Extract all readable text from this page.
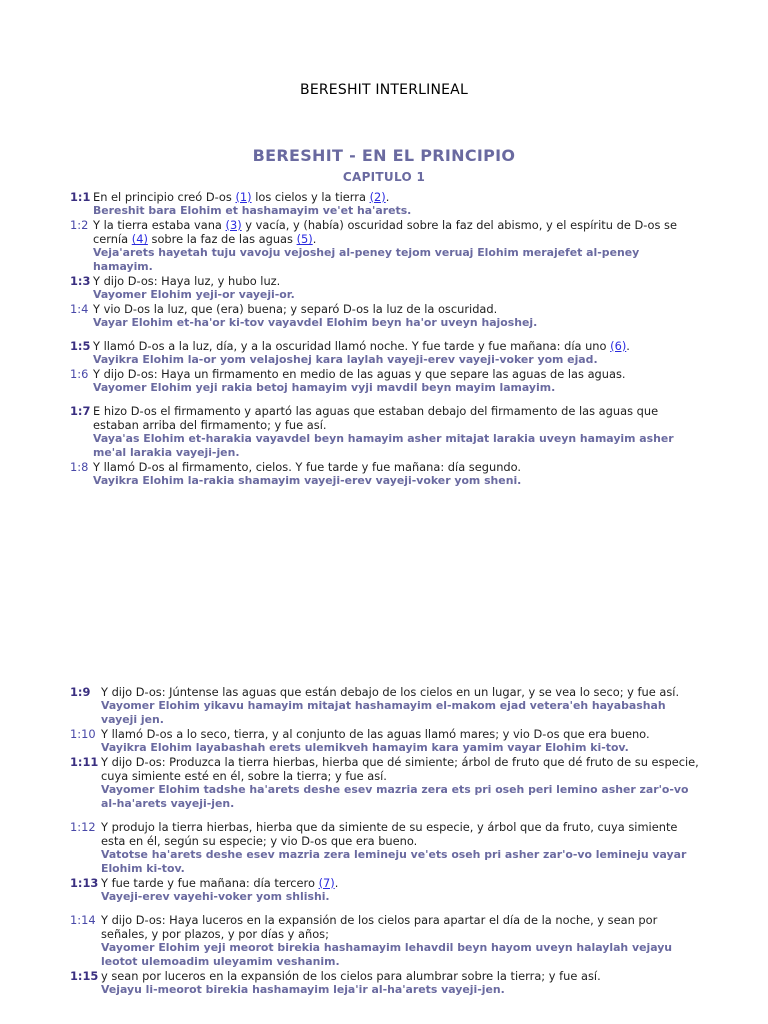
BERESHIT INTERLINEAL
BERESHIT - EN EL PRINCIPIO
CAPITULO 1
1:1 En el principio creó D-os (1) los cielos y la tierra (2).
Bereshit bara Elohim et hashamayim ve'et ha'arets.
1:2 Y la tierra estaba vana (3) y vacía, y (había) oscuridad sobre la faz del abismo, y el espíritu de D-os se cernía (4) sobre la faz de las aguas (5).
Veja'arets hayetah tuju vavoju vejoshej al-peney tejom veruaj Elohim merajefet al-peney hamayim.
1:3 Y dijo D-os: Haya luz, y hubo luz.
Vayomer Elohim yeji-or vayeji-or.
1:4 Y vio D-os la luz, que (era) buena; y separó D-os la luz de la oscuridad.
Vayar Elohim et-ha'or ki-tov vayavdel Elohim beyn ha'or uveyn hajoshej.
1:5 Y llamó D-os a la luz, día, y a la oscuridad llamó noche. Y fue tarde y fue mañana: día uno (6).
Vayikra Elohim la-or yom velajoshej kara laylah vayeji-erev vayeji-voker yom ejad.
1:6 Y dijo D-os: Haya un firmamento en medio de las aguas y que separe las aguas de las aguas.
Vayomer Elohim yeji rakia betoj hamayim vyji mavdil beyn mayim lamayim.
1:7 E hizo D-os el firmamento y apartó las aguas que estaban debajo del firmamento de las aguas que estaban arriba del firmamento; y fue así.
Vaya'as Elohim et-harakia vayavdel beyn hamayim asher mitajat larakia uveyn hamayim asher me'al larakia vayeji-jen.
1:8 Y llamó D-os al firmamento, cielos. Y fue tarde y fue mañana: día segundo.
Vayikra Elohim la-rakia shamayim vayeji-erev vayeji-voker yom sheni.
1:9 Y dijo D-os: Júntense las aguas que están debajo de los cielos en un lugar, y se vea lo seco; y fue así.
Vayomer Elohim yikavu hamayim mitajat hashamayim el-makom ejad vetera'eh hayabashah vayeji jen.
1:10 Y llamó D-os a lo seco, tierra, y al conjunto de las aguas llamó mares; y vio D-os que era bueno.
Vayikra Elohim layabashah erets ulemikveh hamayim kara yamim vayar Elohim ki-tov.
1:11 Y dijo D-os: Produzca la tierra hierbas, hierba que dé simiente; árbol de fruto que dé fruto de su especie, cuya simiente esté en él, sobre la tierra; y fue así.
Vayomer Elohim tadshe ha'arets deshe esev mazria zera ets pri oseh peri lemino asher zar'o-vo al-ha'arets vayeji-jen.
1:12 Y produjo la tierra hierbas, hierba que da simiente de su especie, y árbol que da fruto, cuya simiente esta en él, según su especie; y vio D-os que era bueno.
Vatotse ha'arets deshe esev mazria zera lemineju ve'ets oseh pri asher zar'o-vo lemineju vayar Elohim ki-tov.
1:13 Y fue tarde y fue mañana: día tercero (7).
Vayeji-erev vayehi-voker yom shlishi.
1:14 Y dijo D-os: Haya luceros en la expansión de los cielos para apartar el día de la noche, y sean por señales, y por plazos, y por días y años;
Vayomer Elohim yeji meorot birekia hashamayim lehavdil beyn hayom uveyn halaylah vejayu leotot ulemoadim uleyamim veshanim.
1:15 y sean por luceros en la expansión de los cielos para alumbrar sobre la tierra; y fue así.
Vejayu li-meorot birekia hashamayim leja'ir al-ha'arets vayeji-jen.
